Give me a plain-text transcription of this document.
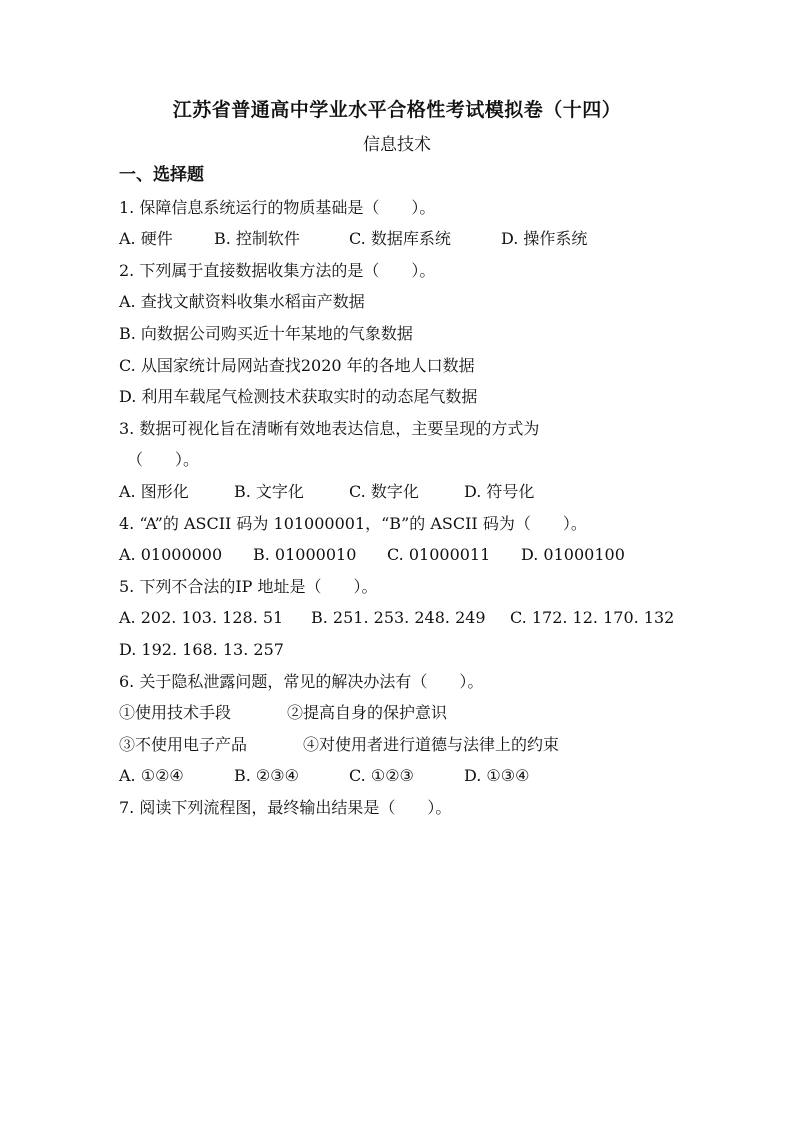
江苏省普通高中学业水平合格性考试模拟卷（十四）
信息技术
一、选择题
1. 保障信息系统运行的物质基础是（　　）。
A. 硬件	B. 控制软件	C. 数据库系统	D. 操作系统
2. 下列属于直接数据收集方法的是（　　）。
A. 查找文献资料收集水稻亩产数据
B. 向数据公司购买近十年某地的气象数据
C. 从国家统计局网站查找2020 年的各地人口数据
D. 利用车载尾气检测技术获取实时的动态尾气数据
3. 数据可视化旨在清晰有效地表达信息，主要呈现的方式为
（　　）。
A. 图形化	B. 文字化	C. 数字化	D. 符号化
4. “A”的 ASCII 码为 101000001，“B”的 ASCII 码为（　　）。
A. 01000000	B. 01000010	C. 01000011	D. 01000100
5. 下列不合法的IP 地址是（　　）。
A. 202. 103. 128. 51	B. 251. 253. 248. 249	C. 172. 12. 170. 132
D. 192. 168. 13. 257
6. 关于隐私泄露问题，常见的解决办法有（　　）。
①使用技术手段	②提高自身的保护意识
③不使用电子产品	④对使用者进行道德与法律上的约束
A. ①②④	B. ②③④	C. ①②③	D. ①③④
7. 阅读下列流程图，最终输出结果是（　　）。
